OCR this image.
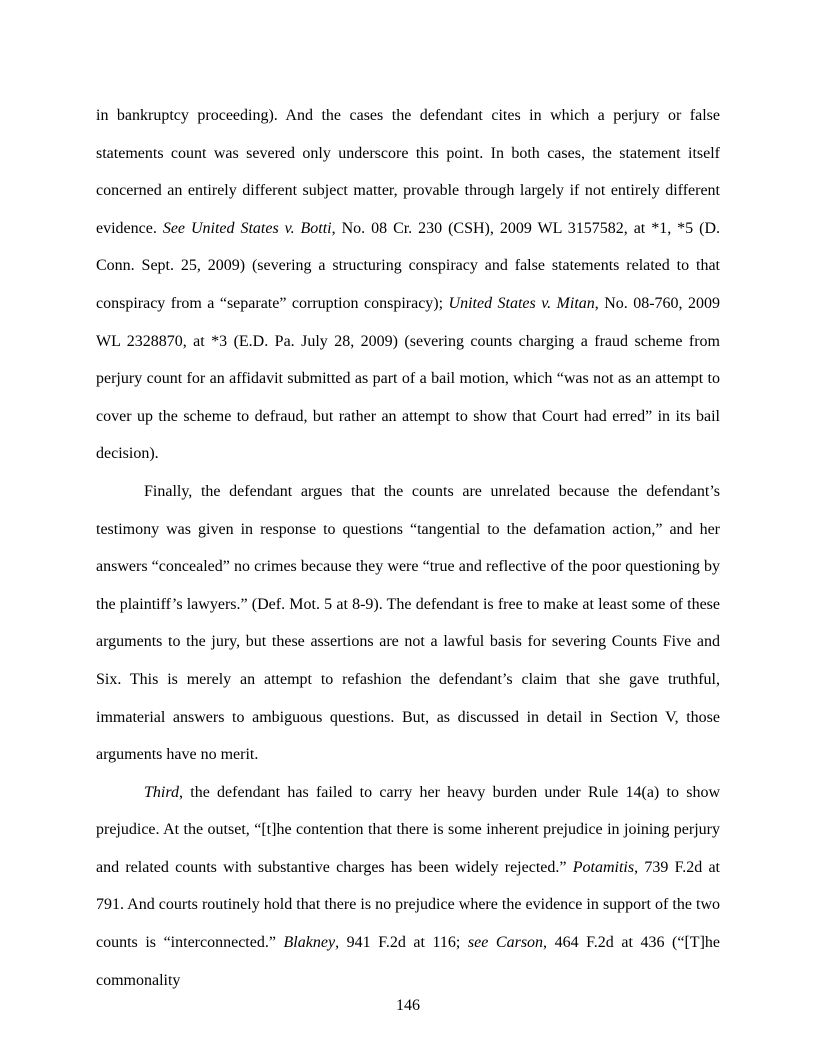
in bankruptcy proceeding). And the cases the defendant cites in which a perjury or false statements count was severed only underscore this point. In both cases, the statement itself concerned an entirely different subject matter, provable through largely if not entirely different evidence. See United States v. Botti, No. 08 Cr. 230 (CSH), 2009 WL 3157582, at *1, *5 (D. Conn. Sept. 25, 2009) (severing a structuring conspiracy and false statements related to that conspiracy from a “separate” corruption conspiracy); United States v. Mitan, No. 08-760, 2009 WL 2328870, at *3 (E.D. Pa. July 28, 2009) (severing counts charging a fraud scheme from perjury count for an affidavit submitted as part of a bail motion, which “was not as an attempt to cover up the scheme to defraud, but rather an attempt to show that Court had erred” in its bail decision).

Finally, the defendant argues that the counts are unrelated because the defendant’s testimony was given in response to questions “tangential to the defamation action,” and her answers “concealed” no crimes because they were “true and reflective of the poor questioning by the plaintiff’s lawyers.” (Def. Mot. 5 at 8-9). The defendant is free to make at least some of these arguments to the jury, but these assertions are not a lawful basis for severing Counts Five and Six. This is merely an attempt to refashion the defendant’s claim that she gave truthful, immaterial answers to ambiguous questions. But, as discussed in detail in Section V, those arguments have no merit.

Third, the defendant has failed to carry her heavy burden under Rule 14(a) to show prejudice. At the outset, “[t]he contention that there is some inherent prejudice in joining perjury and related counts with substantive charges has been widely rejected.” Potamitis, 739 F.2d at 791. And courts routinely hold that there is no prejudice where the evidence in support of the two counts is “interconnected.” Blakney, 941 F.2d at 116; see Carson, 464 F.2d at 436 (“[T]he commonality

146
